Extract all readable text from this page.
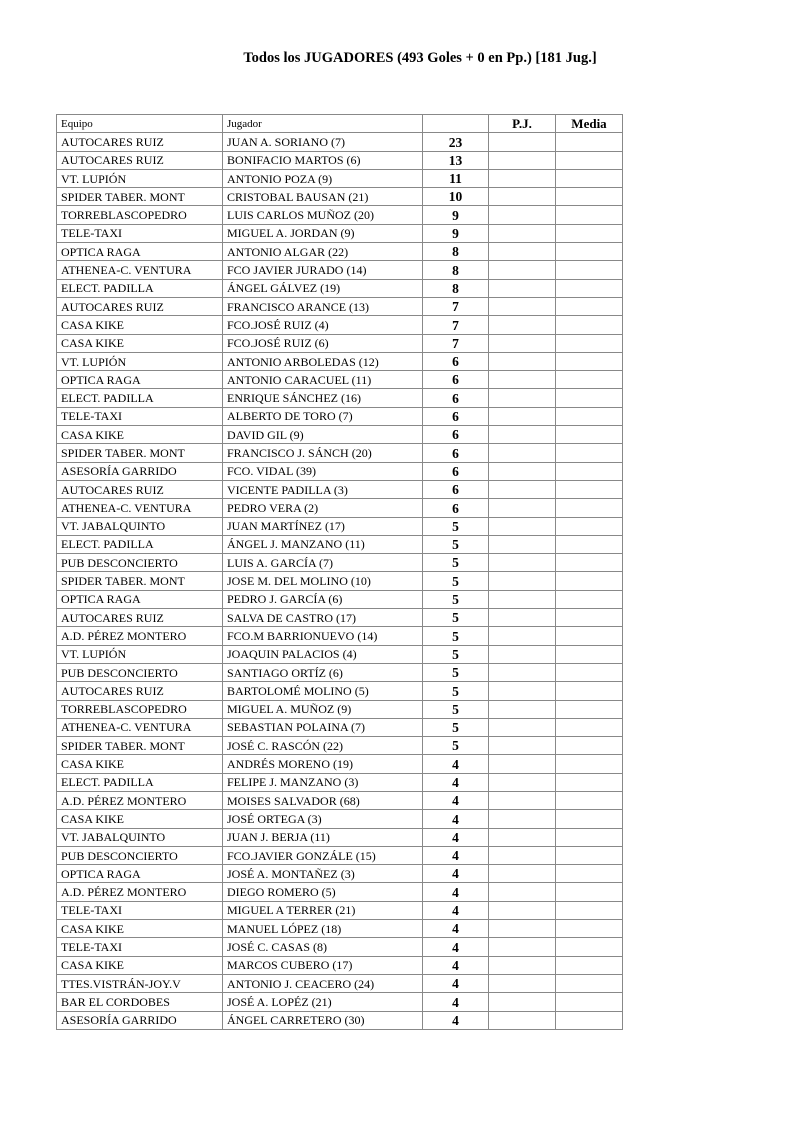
Todos los JUGADORES (493 Goles + 0 en Pp.) [181 Jug.]
Equipo	Jugador		P.J.	Media
AUTOCARES RUIZ	JUAN A. SORIANO (7)	23		
AUTOCARES RUIZ	BONIFACIO MARTOS (6)	13		
VT. LUPIÓN	ANTONIO POZA (9)	11		
SPIDER TABER. MONT	CRISTOBAL BAUSAN (21)	10		
TORREBLASCOPEDRO	LUIS CARLOS MUÑOZ (20)	9		
TELE-TAXI	MIGUEL A. JORDAN (9)	9		
OPTICA RAGA	ANTONIO ALGAR (22)	8		
ATHENEA-C. VENTURA	FCO JAVIER JURADO (14)	8		
ELECT. PADILLA	ÁNGEL GÁLVEZ (19)	8		
AUTOCARES RUIZ	FRANCISCO ARANCE (13)	7		
CASA KIKE	FCO.JOSÉ RUIZ (4)	7		
CASA KIKE	FCO.JOSÉ RUIZ (6)	7		
VT. LUPIÓN	ANTONIO ARBOLEDAS (12)	6		
OPTICA RAGA	ANTONIO CARACUEL (11)	6		
ELECT. PADILLA	ENRIQUE SÁNCHEZ (16)	6		
TELE-TAXI	ALBERTO DE TORO (7)	6		
CASA KIKE	DAVID GIL (9)	6		
SPIDER TABER. MONT	FRANCISCO J. SÁNCH (20)	6		
ASESORÍA GARRIDO	FCO. VIDAL (39)	6		
AUTOCARES RUIZ	VICENTE PADILLA (3)	6		
ATHENEA-C. VENTURA	PEDRO VERA (2)	6		
VT. JABALQUINTO	JUAN MARTÍNEZ (17)	5		
ELECT. PADILLA	ÁNGEL J. MANZANO (11)	5		
PUB DESCONCIERTO	LUIS A. GARCÍA (7)	5		
SPIDER TABER. MONT	JOSE M. DEL MOLINO (10)	5		
OPTICA RAGA	PEDRO J. GARCÍA (6)	5		
AUTOCARES RUIZ	SALVA DE CASTRO (17)	5		
A.D. PÉREZ MONTERO	FCO.M BARRIONUEVO (14)	5		
VT. LUPIÓN	JOAQUIN PALACIOS (4)	5		
PUB DESCONCIERTO	SANTIAGO ORTÍZ (6)	5		
AUTOCARES RUIZ	BARTOLOMÉ MOLINO (5)	5		
TORREBLASCOPEDRO	MIGUEL A. MUÑOZ (9)	5		
ATHENEA-C. VENTURA	SEBASTIAN POLAINA (7)	5		
SPIDER TABER. MONT	JOSÉ C. RASCÓN (22)	5		
CASA KIKE	ANDRÉS MORENO (19)	4		
ELECT. PADILLA	FELIPE J. MANZANO (3)	4		
A.D. PÉREZ MONTERO	MOISES SALVADOR (68)	4		
CASA KIKE	JOSÉ ORTEGA (3)	4		
VT. JABALQUINTO	JUAN J. BERJA (11)	4		
PUB DESCONCIERTO	FCO.JAVIER GONZÁLE (15)	4		
OPTICA RAGA	JOSÉ A. MONTAÑEZ (3)	4		
A.D. PÉREZ MONTERO	DIEGO ROMERO (5)	4		
TELE-TAXI	MIGUEL A TERRER (21)	4		
CASA KIKE	MANUEL LÓPEZ (18)	4		
TELE-TAXI	JOSÉ C. CASAS (8)	4		
CASA KIKE	MARCOS CUBERO (17)	4		
TTES.VISTRÁN-JOY.V	ANTONIO J. CEACERO (24)	4		
BAR EL CORDOBES	JOSÉ A. LOPÉZ (21)	4		
ASESORÍA GARRIDO	ÁNGEL CARRETERO (30)	4		
